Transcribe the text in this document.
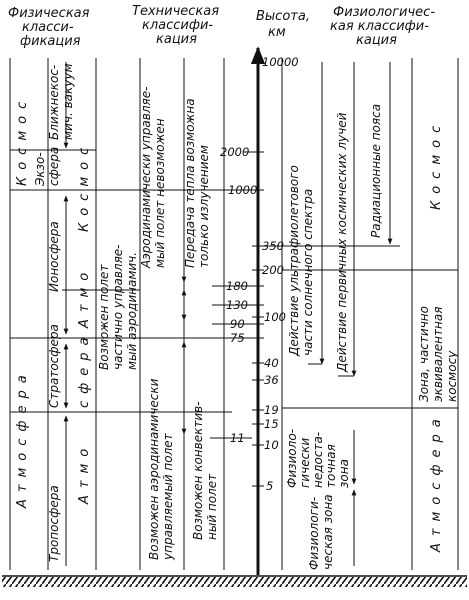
Физическая
класси-
фикация
Техническая
классифи-
кация
Высота,
км
Физиологичес-
кая классифи-
кация
10000
2000
1000
350
200
180
130
90
75
100
40
36
19
15
10
11
5
Космос Ближнекос- мич. вакуум
Экзо- сфера Космос
Ионосфера
Атмосфера
Стратосфера
Атмо
сфера
Атмо
Тропосфера
Аэродинамически управляе- мый полет невозможен Передача тепла возможна только излучением
Возможен полет частично управляе- мый аэродинамич.
Возможен аэродинамически управляемый полет Возможен конвектив- ный полет
Радиационные пояса
Действие ультрафиолетового части солнечного спектра Действие первичных космических лучей	Космос
Зона, частично эквивалентная космосу
Физиоло- гически недоста- точная зона
Физиологи- ческая зона	Атмосфера
